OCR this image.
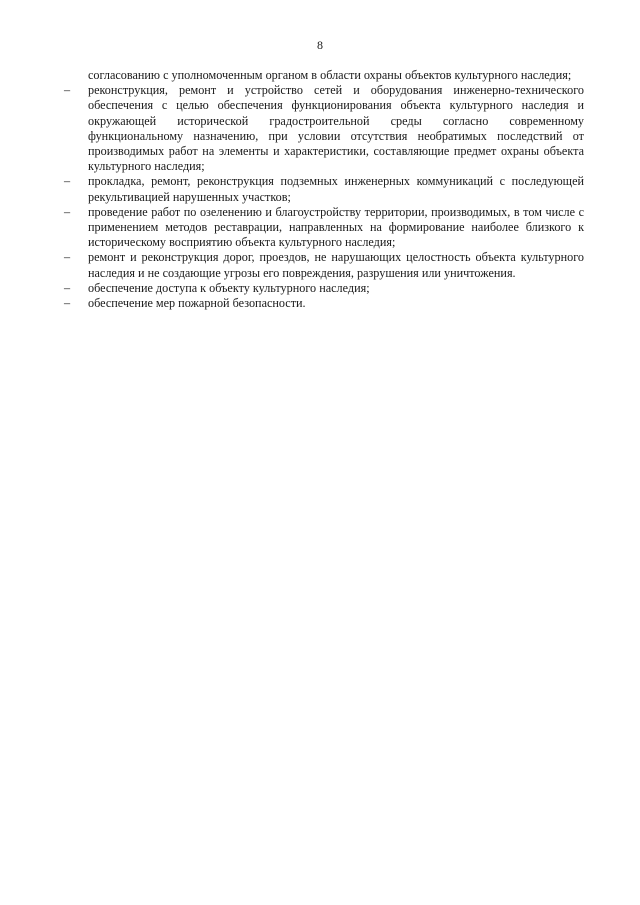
8

согласованию с уполномоченным органом в области охраны объектов культурного наследия;

–	реконструкция, ремонт и устройство сетей и оборудования инженерно-технического обеспечения с целью обеспечения функционирования объекта культурного наследия и окружающей исторической градостроительной среды согласно современному функциональному назначению, при условии отсутствия необратимых последствий от производимых работ на элементы и характеристики, составляющие предмет охраны объекта культурного наследия;

–	прокладка, ремонт, реконструкция подземных инженерных коммуникаций с последующей рекультивацией нарушенных участков;

–	проведение работ по озеленению и благоустройству территории, производимых, в том числе с применением методов реставрации, направленных на формирование наиболее близкого к историческому восприятию объекта культурного наследия;

–	ремонт и реконструкция дорог, проездов, не нарушающих целостность объекта культурного наследия и не создающие угрозы его повреждения, разрушения или уничтожения.

–	обеспечение доступа к объекту культурного наследия;

–	обеспечение мер пожарной безопасности.
